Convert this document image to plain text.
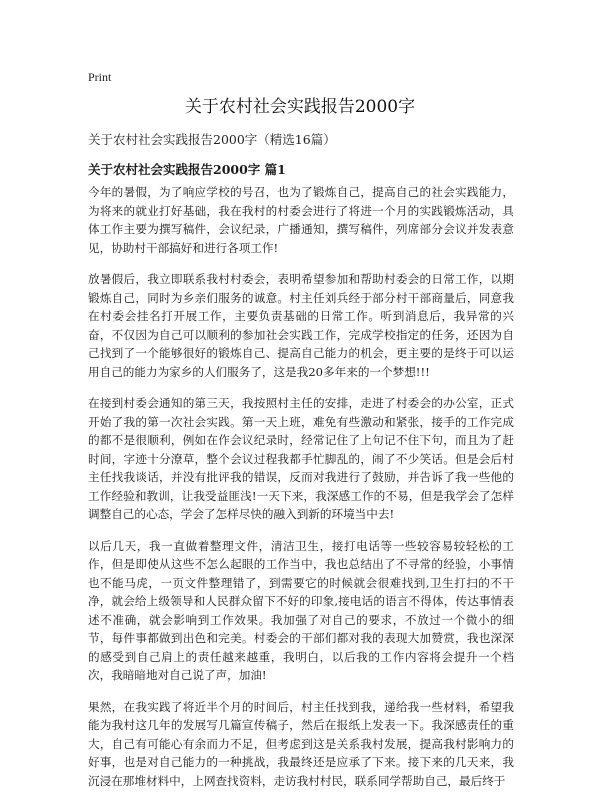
Print
关于农村社会实践报告2000字

关于农村社会实践报告2000字（精选16篇）

关于农村社会实践报告2000字 篇1

今年的暑假，为了响应学校的号召，也为了锻炼自己，提高自己的社会实践能力，为将来的就业打好基础，我在我村的村委会进行了将进一个月的实践锻炼活动，具体工作主要为撰写稿件，会议纪录，广播通知，撰写稿件，列席部分会议并发表意见，协助村干部搞好和进行各项工作!

放暑假后，我立即联系我村村委会，表明希望参加和帮助村委会的日常工作，以期锻炼自己，同时为乡亲们服务的诚意。村主任刘兵经于部分村干部商量后，同意我在村委会挂名打开展工作，主要负责基础的日常工作。听到消息后，我异常的兴奋，不仅因为自己可以顺利的参加社会实践工作，完成学校指定的任务，还因为自己找到了一个能够很好的锻炼自己、提高自己能力的机会，更主要的是终于可以运用自己的能力为家乡的人们服务了，这是我20多年来的一个梦想!!!

在接到村委会通知的第三天，我按照村主任的安排，走进了村委会的办公室，正式开始了我的第一次社会实践。第一天上班，难免有些激动和紧张，接手的工作完成的都不是很顺利，例如在作会议纪录时，经常记住了上句记不住下句，而且为了赶时间，字迹十分潦草，整个会议过程我都手忙脚乱的，闹了不少笑话。但是会后村主任找我谈话，并没有批评我的错误，反而对我进行了鼓励，并告诉了我一些他的工作经验和教训，让我受益匪浅!一天下来，我深感工作的不易，但是我学会了怎样调整自己的心态，学会了怎样尽快的融入到新的环境当中去!

以后几天，我一直做着整理文件，清洁卫生，接打电话等一些较容易较轻松的工作，但是即使从这些不怎么起眼的工作当中，我也总结出了不寻常的经验，小事情也不能马虎，一页文件整理错了，到需要它的时候就会很难找到,卫生打扫的不干净，就会给上级领导和人民群众留下不好的印象,接电话的语言不得体，传达事情表述不准确，就会影响到工作效果。我加强了对自己的要求，不放过一个微小的细节，每件事都做到出色和完美。村委会的干部们都对我的表现大加赞赏，我也深深的感受到自己肩上的责任越来越重，我明白，以后我的工作内容将会提升一个档次，我暗暗地对自己说了声，加油!

果然，在我实践了将近半个月的时间后，村主任找到我，递给我一些材料，希望我能为我村这几年的发展写几篇宣传稿子，然后在报纸上发表一下。我深感责任的重大，自己有可能心有余而力不足，但考虑到这是关系我村发展，提高我村影响力的好事，也是对自己能力的一种挑战，我最终还是应承了下来。接下来的几天来，我沉浸在那堆材料中，上网查找资料，走访我村村民，联系同学帮助自己，最后终于
